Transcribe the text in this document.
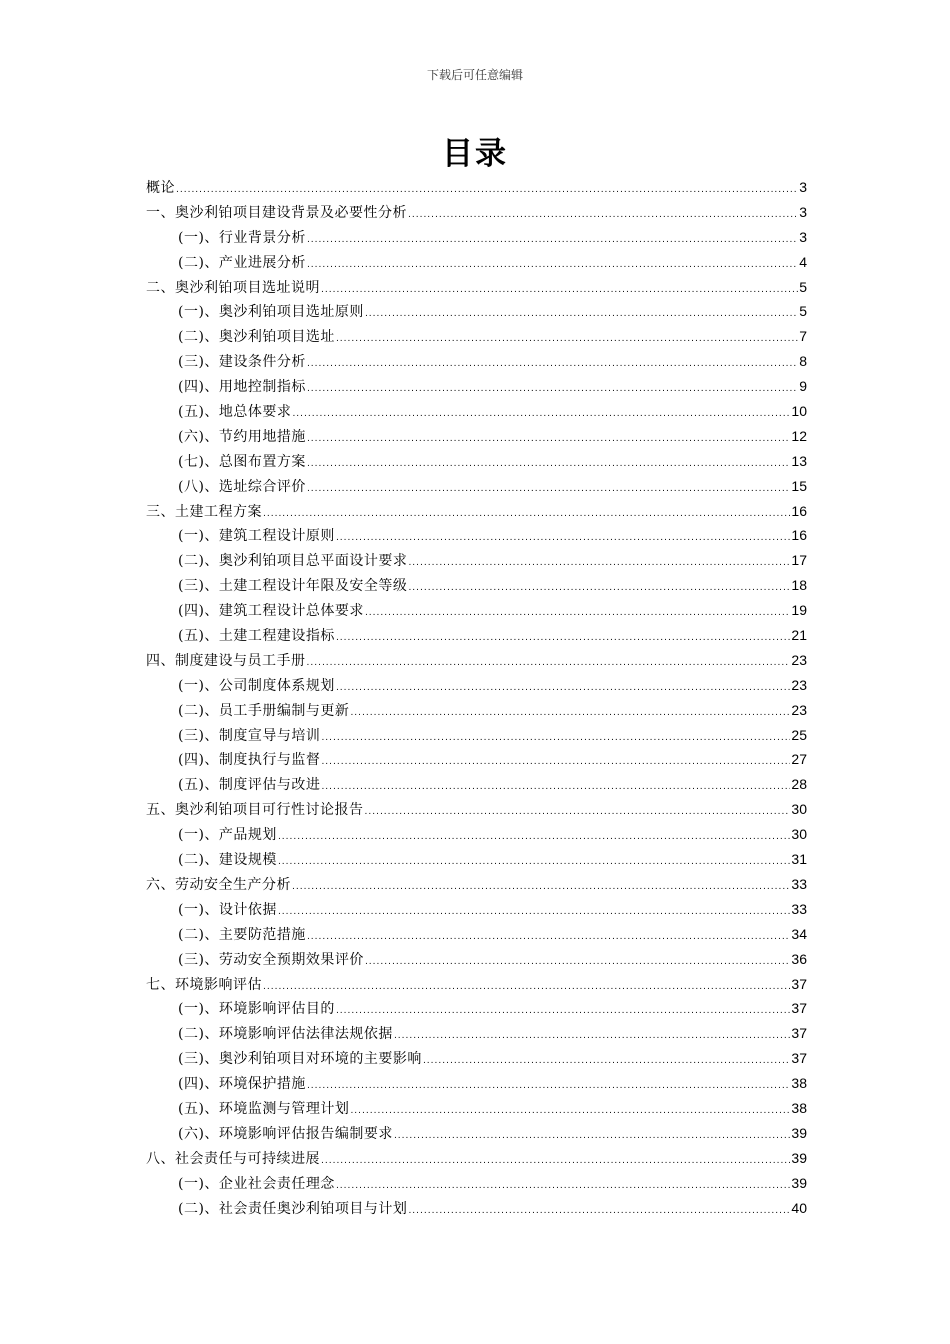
下载后可任意编辑
目录
概论 .....	3
一、奥沙利铂项目建设背景及必要性分析 .....	3
(一)、行业背景分析 .....	3
(二)、产业进展分析 .....	4
二、奥沙利铂项目选址说明 .....	5
(一)、奥沙利铂项目选址原则 .....	5
(二)、奥沙利铂项目选址 .....	7
(三)、建设条件分析 .....	8
(四)、用地控制指标 .....	9
(五)、地总体要求 .....	10
(六)、节约用地措施 .....	12
(七)、总图布置方案 .....	13
(八)、选址综合评价 .....	15
三、土建工程方案 .....	16
(一)、建筑工程设计原则 .....	16
(二)、奥沙利铂项目总平面设计要求 .....	17
(三)、土建工程设计年限及安全等级 .....	18
(四)、建筑工程设计总体要求 .....	19
(五)、土建工程建设指标 .....	21
四、制度建设与员工手册 .....	23
(一)、公司制度体系规划 .....	23
(二)、员工手册编制与更新 .....	23
(三)、制度宣导与培训 .....	25
(四)、制度执行与监督 .....	27
(五)、制度评估与改进 .....	28
五、奥沙利铂项目可行性讨论报告 .....	30
(一)、产品规划 .....	30
(二)、建设规模 .....	31
六、劳动安全生产分析 .....	33
(一)、设计依据 .....	33
(二)、主要防范措施 .....	34
(三)、劳动安全预期效果评价 .....	36
七、环境影响评估 .....	37
(一)、环境影响评估目的 .....	37
(二)、环境影响评估法律法规依据 .....	37
(三)、奥沙利铂项目对环境的主要影响 .....	37
(四)、环境保护措施 .....	38
(五)、环境监测与管理计划 .....	38
(六)、环境影响评估报告编制要求 .....	39
八、社会责任与可持续进展 .....	39
(一)、企业社会责任理念 .....	39
(二)、社会责任奥沙利铂项目与计划 .....	40
